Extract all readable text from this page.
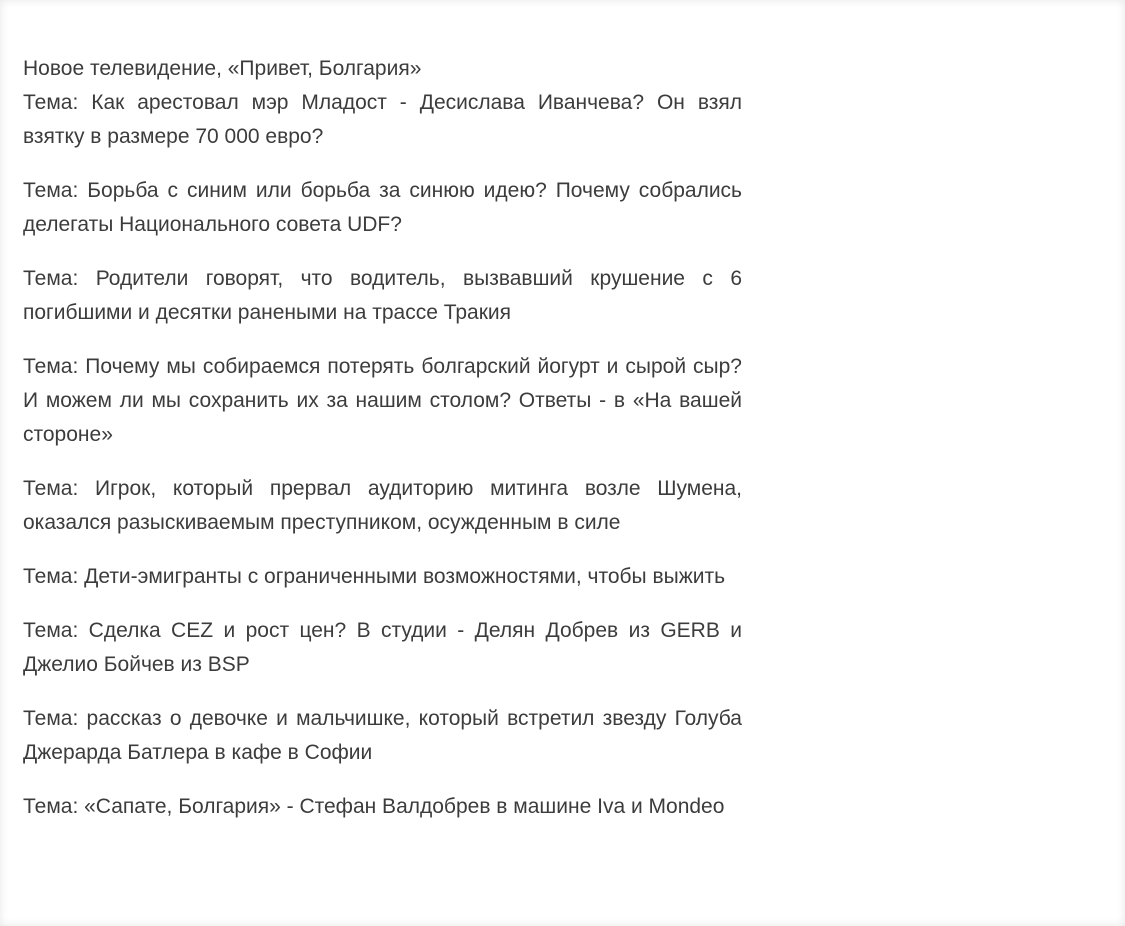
Новое телевидение, «Привет, Болгария»

Тема: Как арестовал мэр Младост - Десислава Иванчева? Он взял взятку в размере 70 000 евро?

Тема: Борьба с синим или борьба за синюю идею? Почему собрались делегаты Национального совета UDF?

Тема: Родители говорят, что водитель, вызвавший крушение с 6 погибшими и десятки ранеными на трассе Тракия

Тема: Почему мы собираемся потерять болгарский йогурт и сырой сыр? И можем ли мы сохранить их за нашим столом? Ответы - в «На вашей стороне»

Тема: Игрок, который прервал аудиторию митинга возле Шумена, оказался разыскиваемым преступником, осужденным в силе

Тема: Дети-эмигранты с ограниченными возможностями, чтобы выжить

Тема: Сделка CEZ и рост цен? В студии - Делян Добрев из GERB и Джелио Бойчев из BSP

Тема: рассказ о девочке и мальчишке, который встретил звезду Голуба Джерарда Батлера в кафе в Софии

Тема: «Сапате, Болгария» - Стефан Валдобрев в машине Iva и Mondeo
